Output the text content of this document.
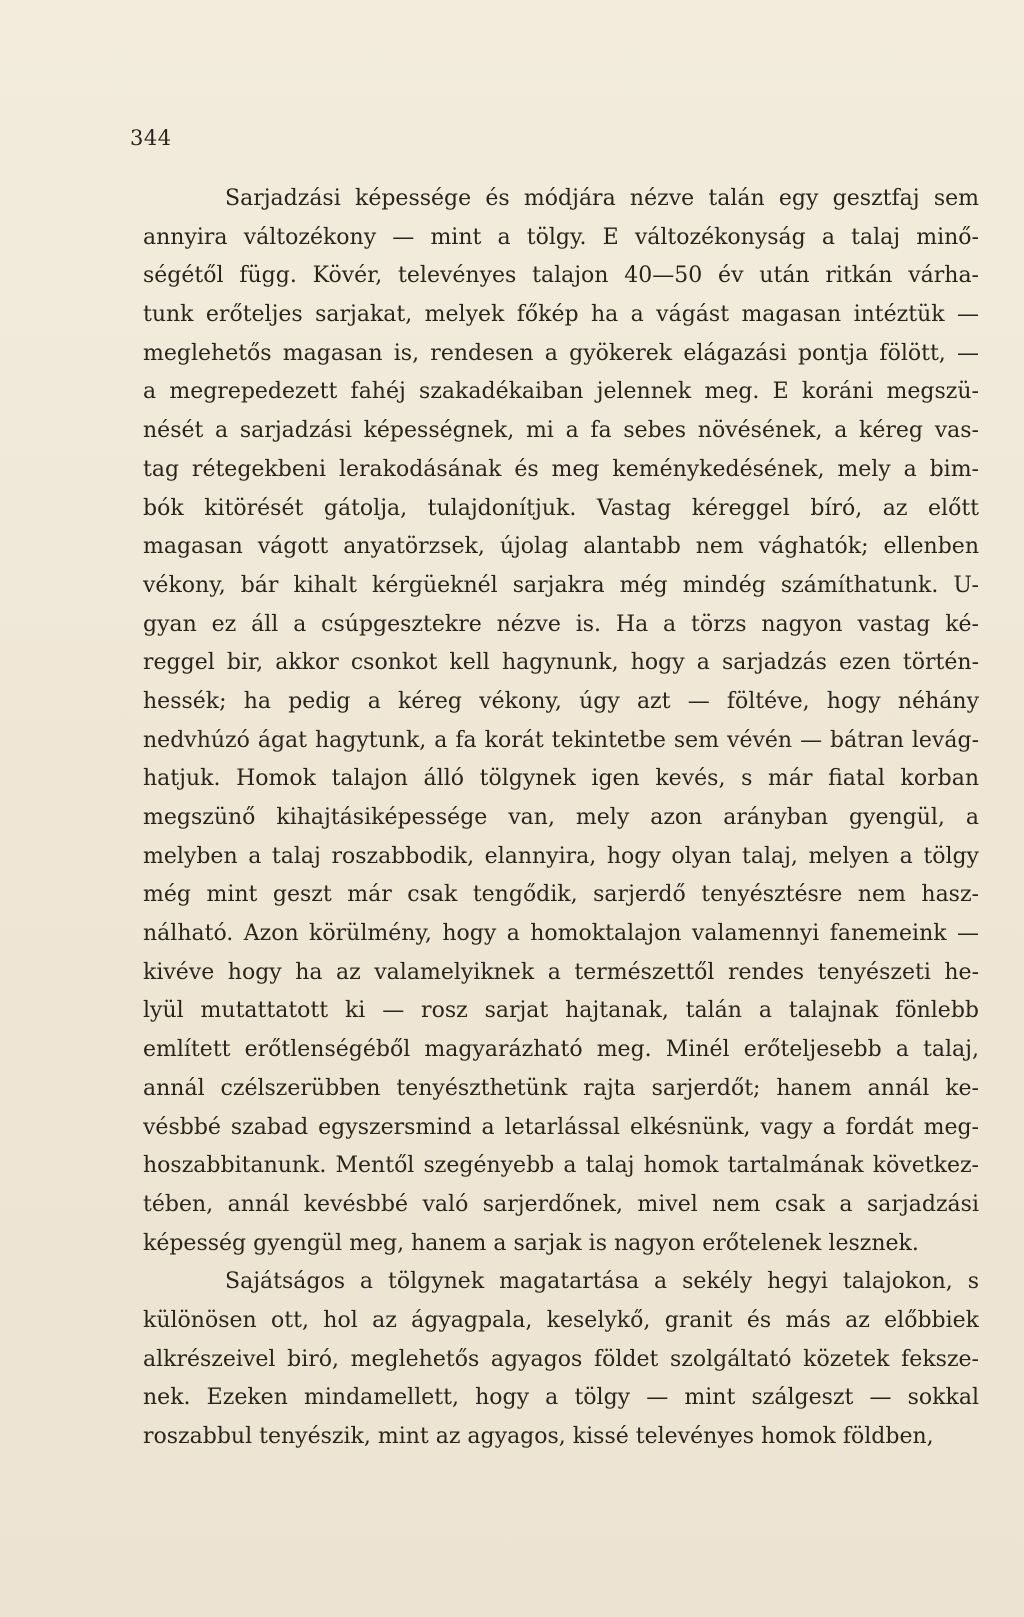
344
Sarjadzási képessége és módjára nézve talán egy gesztfaj sem
annyira változékony — mint a tölgy. E változékonyság a talaj minő-
ségétől függ. Kövér, televényes talajon 40—50 év után ritkán várha-
tunk erőteljes sarjakat, melyek főkép ha a vágást magasan intéztük —
meglehetős magasan is, rendesen a gyökerek elágazási pontja fölött, —
a megrepedezett fahéj szakadékaiban jelennek meg. E koráni megszü-
nését a sarjadzási képességnek, mi a fa sebes növésének, a kéreg vas-
tag rétegekbeni lerakodásának és meg keménykedésének, mely a bim-
bók kitörését gátolja, tulajdonítjuk. Vastag kéreggel bíró, az előtt
magasan vágott anyatörzsek, újolag alantabb nem vághatók; ellenben
vékony, bár kihalt kérgüeknél sarjakra még mindég számíthatunk. U-
gyan ez áll a csúpgesztekre nézve is. Ha a törzs nagyon vastag ké-
reggel bir, akkor csonkot kell hagynunk, hogy a sarjadzás ezen történ-
hessék; ha pedig a kéreg vékony, úgy azt — föltéve, hogy néhány
nedvhúzó ágat hagytunk, a fa korát tekintetbe sem vévén — bátran levág-
hatjuk. Homok talajon álló tölgynek igen kevés, s már fiatal korban
megszünő kihajtásiképessége van, mely azon arányban gyengül, a
melyben a talaj roszabbodik, elannyira, hogy olyan talaj, melyen a tölgy
még mint geszt már csak tengődik, sarjerdő tenyésztésre nem hasz-
nálható. Azon körülmény, hogy a homoktalajon valamennyi fanemeink —
kivéve hogy ha az valamelyiknek a természettől rendes tenyészeti he-
lyül mutattatott ki — rosz sarjat hajtanak, talán a talajnak fönlebb
említett erőtlenségéből magyarázható meg. Minél erőteljesebb a talaj,
annál czélszerübben tenyészthetünk rajta sarjerdőt; hanem annál ke-
vésbbé szabad egyszersmind a letarlással elkésnünk, vagy a fordát meg-
hoszabbitanunk. Mentől szegényebb a talaj homok tartalmának következ-
tében, annál kevésbbé való sarjerdőnek, mivel nem csak a sarjadzási
képesség gyengül meg, hanem a sarjak is nagyon erőtelenek lesznek.
Sajátságos a tölgynek magatartása a sekély hegyi talajokon, s
különösen ott, hol az ágyagpala, keselykő, granit és más az előbbiek
alkrészeivel biró, meglehetős agyagos földet szolgáltató közetek feksze-
nek. Ezeken mindamellett, hogy a tölgy — mint szálgeszt — sokkal
roszabbul tenyészik, mint az agyagos, kissé televényes homok földben,
